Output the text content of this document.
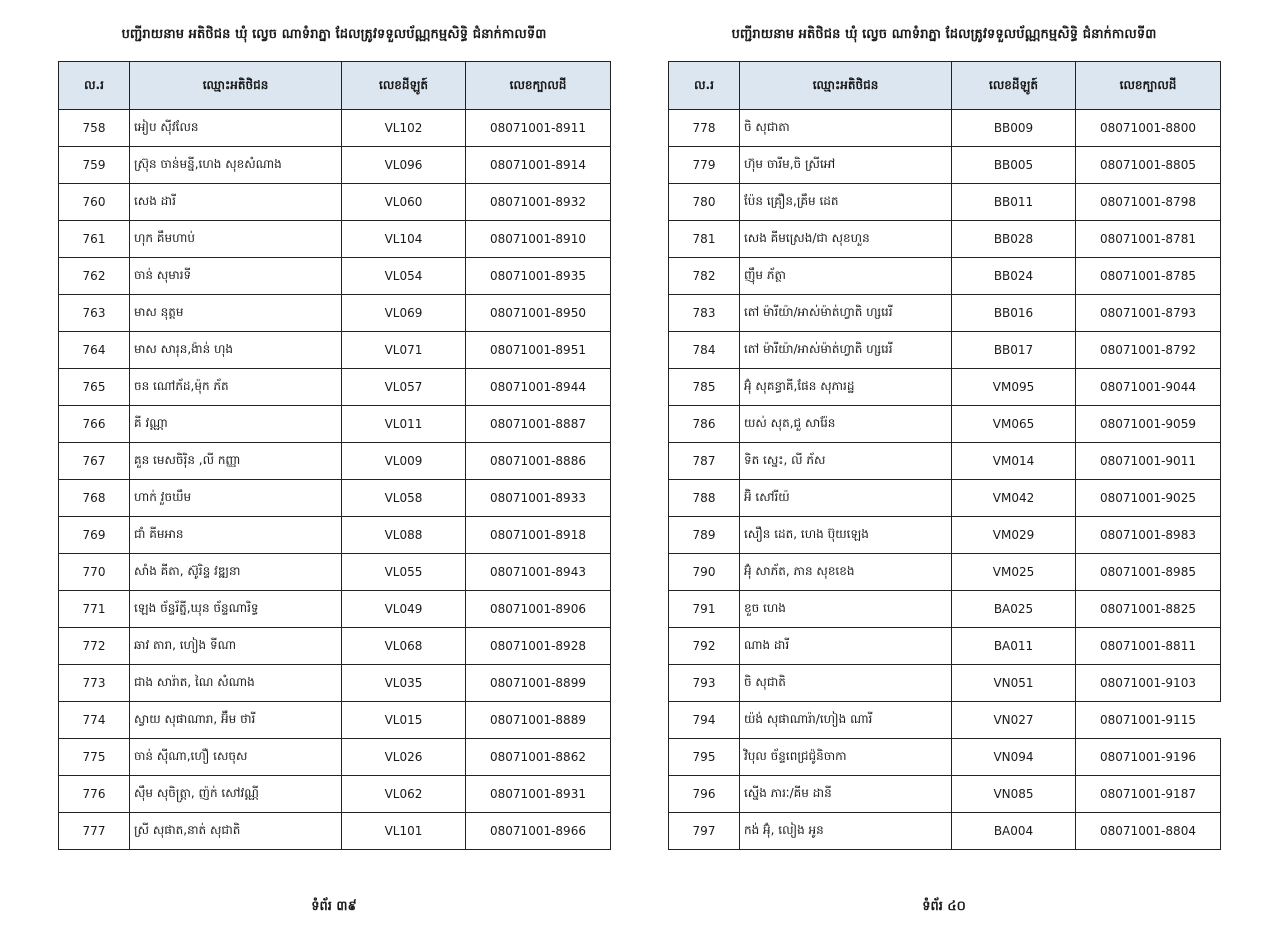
បញ្ជីរាយនាម អតិថិជន ឃុំ ល្វេច ណាទំរាភ្នា ដែលត្រូវទទួលប័ណ្ណកម្មសិទ្ធិ ជំនាក់កាលទី៣
ល.រ	ឈ្មោះអតិថិជន	លេខដីឡូត៍	លេខក្បាលដី
758	អៀប ស៊ីវលែន	VL102	08071001-8911
759	ស្រ៊ុន ចាន់មន្នី,ហេង សុខសំណាង	VL096	08071001-8914
760	សេង ដារី	VL060	08071001-8932
761	ហុក គឹមហាប់	VL104	08071001-8910
762	ចាន់ សុមារទី	VL054	08071001-8935
763	មាស នុត្តម	VL069	08071001-8950
764	មាស សារុន,ង៉ាន់ ហុង	VL071	08071001-8951
765	ចន ណៅភ័ដ,ម៉ុក ភ័ត	VL057	08071001-8944
766	គី វណ្ណា	VL011	08071001-8887
767	គួន មេសចិរ៉ិន ,លី កញ្ញា	VL009	08071001-8886
768	ហាក់ វួចឃឹម	VL058	08071001-8933
769	ជាំ គីមអាន	VL088	08071001-8918
770	សាំង គីតា, ស៊ូរិន្ទ វឌ្ឍនា	VL055	08071001-8943
771	ឡេង ច័ន្ទរ័ត្នី,ឃុន ច័ន្ទណារិទ្ធ	VL049	08071001-8906
772	ឆាវ តារា, ហៀង ទីណា	VL068	08071001-8928
773	ជាង សារ៉ាត, ណៃ សំណាង	VL035	08071001-8899
774	ស្វាយ សុផាណារា, អ៊ឹម ថារី	VL015	08071001-8889
775	ចាន់ ស៊ីណា,ហឿ សេចុស	VL026	08071001-8862
776	ស៊ឹម សុចិត្រ្តា, ញ៉ក់ សៅវណ្ណី	VL062	08071001-8931
777	ស្រី សុផាត,នាត់ សុជាតិ	VL101	08071001-8966
ទំព័រ ៣៩
បញ្ជីរាយនាម អតិថិជន ឃុំ ល្វេច ណាទំរាភ្នា ដែលត្រូវទទួលប័ណ្ណកម្មសិទ្ធិ ជំនាក់កាលទី៣
ល.រ	ឈ្មោះអតិថិជន	លេខដីឡូត៍	លេខក្បាលដី
778	ចិ សុជាតា	BB009	08071001-8800
779	ហ៊ុម ចារីម,ចិ ស្រីអៅ	BB005	08071001-8805
780	ប៉ែន គ្រឿន,គ្រឹម ដេត	BB011	08071001-8798
781	សេង គីមស្រេង/ជា សុខហួន	BB028	08071001-8781
782	ញ៉ឹម ភ័ត្ថា	BB024	08071001-8785
783	តៅ ម៉ារីយ៉ា/អាស់ម៉ាត់ហ្វាតិ ហ្សរេរី	BB016	08071001-8793
784	តៅ ម៉ារីយ៉ា/អាស់ម៉ាត់ហ្វាតិ ហ្សរេរី	BB017	08071001-8792
785	អ៊ុំ សុគន្ធាគី,ផែន សុភារដ្ឋ	VM095	08071001-9044
786	យស់ សុត,ជួ សារ៉ែន	VM065	08071001-9059
787	ទិត ស្នេះ, លី ភ័ស	VM014	08071001-9011
788	អ៊ិ សៅរីយ៉	VM042	08071001-9025
789	សឿន ដេត, ហេង ប៊ុយឡេង	VM029	08071001-8983
790	អ៊ុំ សាភ័ត, ភាន សុខខេង	VM025	08071001-8985
791	ខួច ហេង	BA025	08071001-8825
792	ណាង ដារី	BA011	08071001-8811
793	ចិ សុជាតិ	VN051	08071001-9103
794	យ៉ង់ សុផាណារ៉ា/ហៀង ណារី	VN027	08071001-9115
795	វិបុល ច័ន្ទពេជ្រជ៉ូនិចាកា	VN094	08071001-9196
796	ស្នើង ភារៈ/គីម ដានី	VN085	08071001-9187
797	កង់ អ៊ុំ, លៀង អូន	BA004	08071001-8804
ទំព័រ ៤០
